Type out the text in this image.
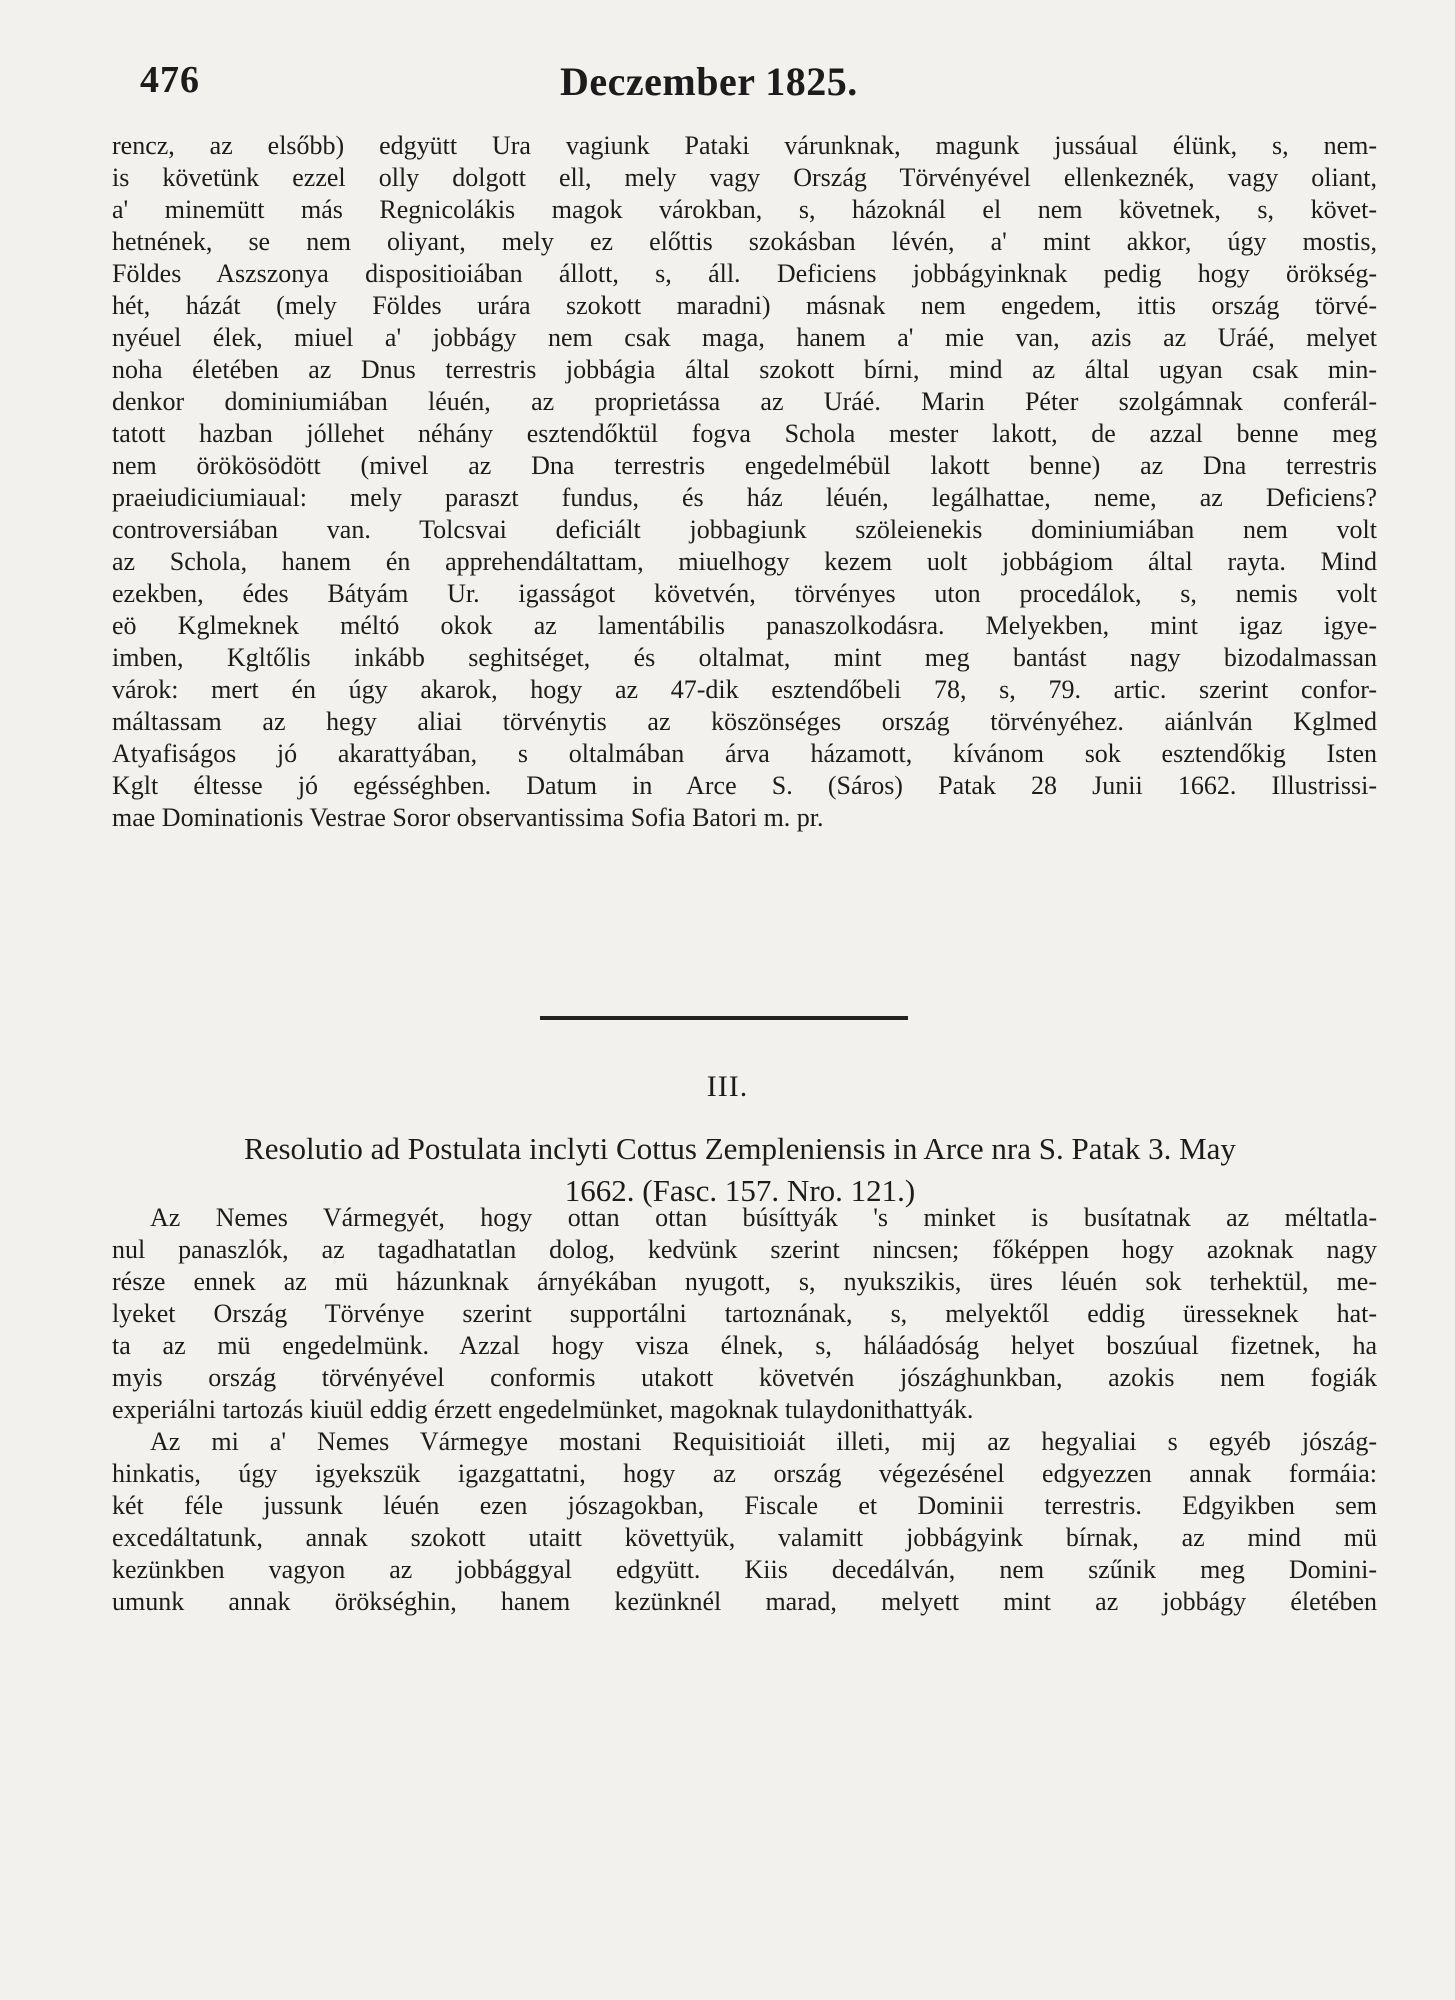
476	Deczember 1825.
rencz, az elsőbb) edgyütt Ura vagiunk Pataki várunknak, magunk jussáual élünk, s, nem-
is követünk ezzel olly dolgott ell, mely vagy Ország Törvényével ellenkeznék, vagy oliant,
a' minemütt más Regnicolákis magok várokban, s, házoknál el nem követnek, s, követ-
hetnének, se nem oliyant, mely ez előttis szokásban lévén, a' mint akkor, úgy mostis,
Földes Aszszonya dispositioiában állott, s, áll. Deficiens jobbágyinknak pedig hogy örökség-
hét, házát (mely Földes urára szokott maradni) másnak nem engedem, ittis ország törvé-
nyéuel élek, miuel a' jobbágy nem csak maga, hanem a' mie van, azis az Uráé, melyet
noha életében az Dnus terrestris jobbágia által szokott bírni, mind az által ugyan csak min-
denkor dominiumiában léuén, az proprietássa az Uráé. Marin Péter szolgámnak conferál-
tatott hazban jóllehet néhány esztendőktül fogva Schola mester lakott, de azzal benne meg
nem örökösödött (mivel az Dna terrestris engedelmébül lakott benne) az Dna terrestris
praeiudiciumiaual: mely paraszt fundus, és ház léuén, legálhattae, neme, az Deficiens?
controversiában van. Tolcsvai deficiált jobbagiunk szöleienekis dominiumiában nem volt
az Schola, hanem én apprehendáltattam, miuelhogy kezem uolt jobbágiom által rayta. Mind
ezekben, édes Bátyám Ur. igasságot követvén, törvényes uton procedálok, s, nemis volt
eö Kglmeknek méltó okok az lamentábilis panaszolkodásra. Melyekben, mint igaz igye-
imben, Kgltőlis inkább seghitséget, és oltalmat, mint meg bantást nagy bizodalmassan
várok: mert én úgy akarok, hogy az 47-dik esztendőbeli 78, s, 79. artic. szerint confor-
máltassam az hegy aliai törvénytis az köszönséges ország törvényéhez. aiánlván Kglmed
Atyafiságos jó akarattyában, s oltalmában árva házamott, kívánom sok esztendőkig Isten
Kglt éltesse jó egésséghben. Datum in Arce S. (Sáros) Patak 28 Junii 1662. Illustrissi-
mae Dominationis Vestrae Soror observantissima Sofia Batori m. pr.
III.
Resolutio ad Postulata inclyti Cottus Zempleniensis in Arce nra S. Patak 3. May
1662. (Fasc. 157. Nro. 121.)
Az Nemes Vármegyét, hogy ottan ottan búsíttyák 's minket is busítatnak az méltatla-
nul panaszlók, az tagadhatatlan dolog, kedvünk szerint nincsen; főképpen hogy azoknak nagy
része ennek az mü házunknak árnyékában nyugott, s, nyukszikis, üres léuén sok terhektül, me-
lyeket Ország Törvénye szerint supportálni tartoznának, s, melyektől eddig üresseknek hat-
ta az mü engedelmünk. Azzal hogy visza élnek, s, háláadóság helyet boszúual fizetnek, ha
myis ország törvényével conformis utakott követvén jószághunkban, azokis nem fogiák
experiálni tartozás kiuül eddig érzett engedelmünket, magoknak tulaydonithattyák.
Az mi a' Nemes Vármegye mostani Requisitioiát illeti, mij az hegyaliai s egyéb jószág-
hinkatis, úgy igyekszük igazgattatni, hogy az ország végezésénel edgyezzen annak formáia:
két féle jussunk léuén ezen jószagokban, Fiscale et Dominii terrestris. Edgyikben sem
excedáltatunk, annak szokott utaitt követtyük, valamitt jobbágyink bírnak, az mind mü
kezünkben vagyon az jobbággyal edgyütt. Kiis decedálván, nem szűnik meg Domini-
umunk annak örökséghin, hanem kezünknél marad, melyett mint az jobbágy életében
